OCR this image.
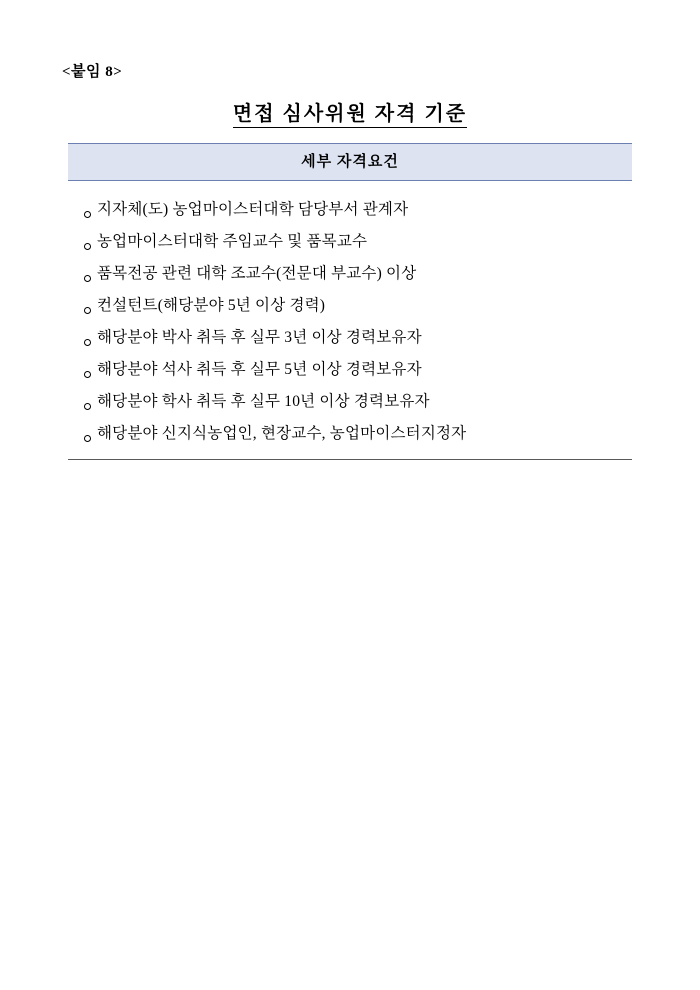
<붙임 8>
면접 심사위원 자격 기준
세부 자격요건
지자체(도) 농업마이스터대학 담당부서 관계자
농업마이스터대학 주임교수 및 품목교수
품목전공 관련 대학 조교수(전문대 부교수) 이상
컨설턴트(해당분야 5년 이상 경력)
해당분야 박사 취득 후 실무 3년 이상 경력보유자
해당분야 석사 취득 후 실무 5년 이상 경력보유자
해당분야 학사 취득 후 실무 10년 이상 경력보유자
해당분야 신지식농업인, 현장교수, 농업마이스터지정자
